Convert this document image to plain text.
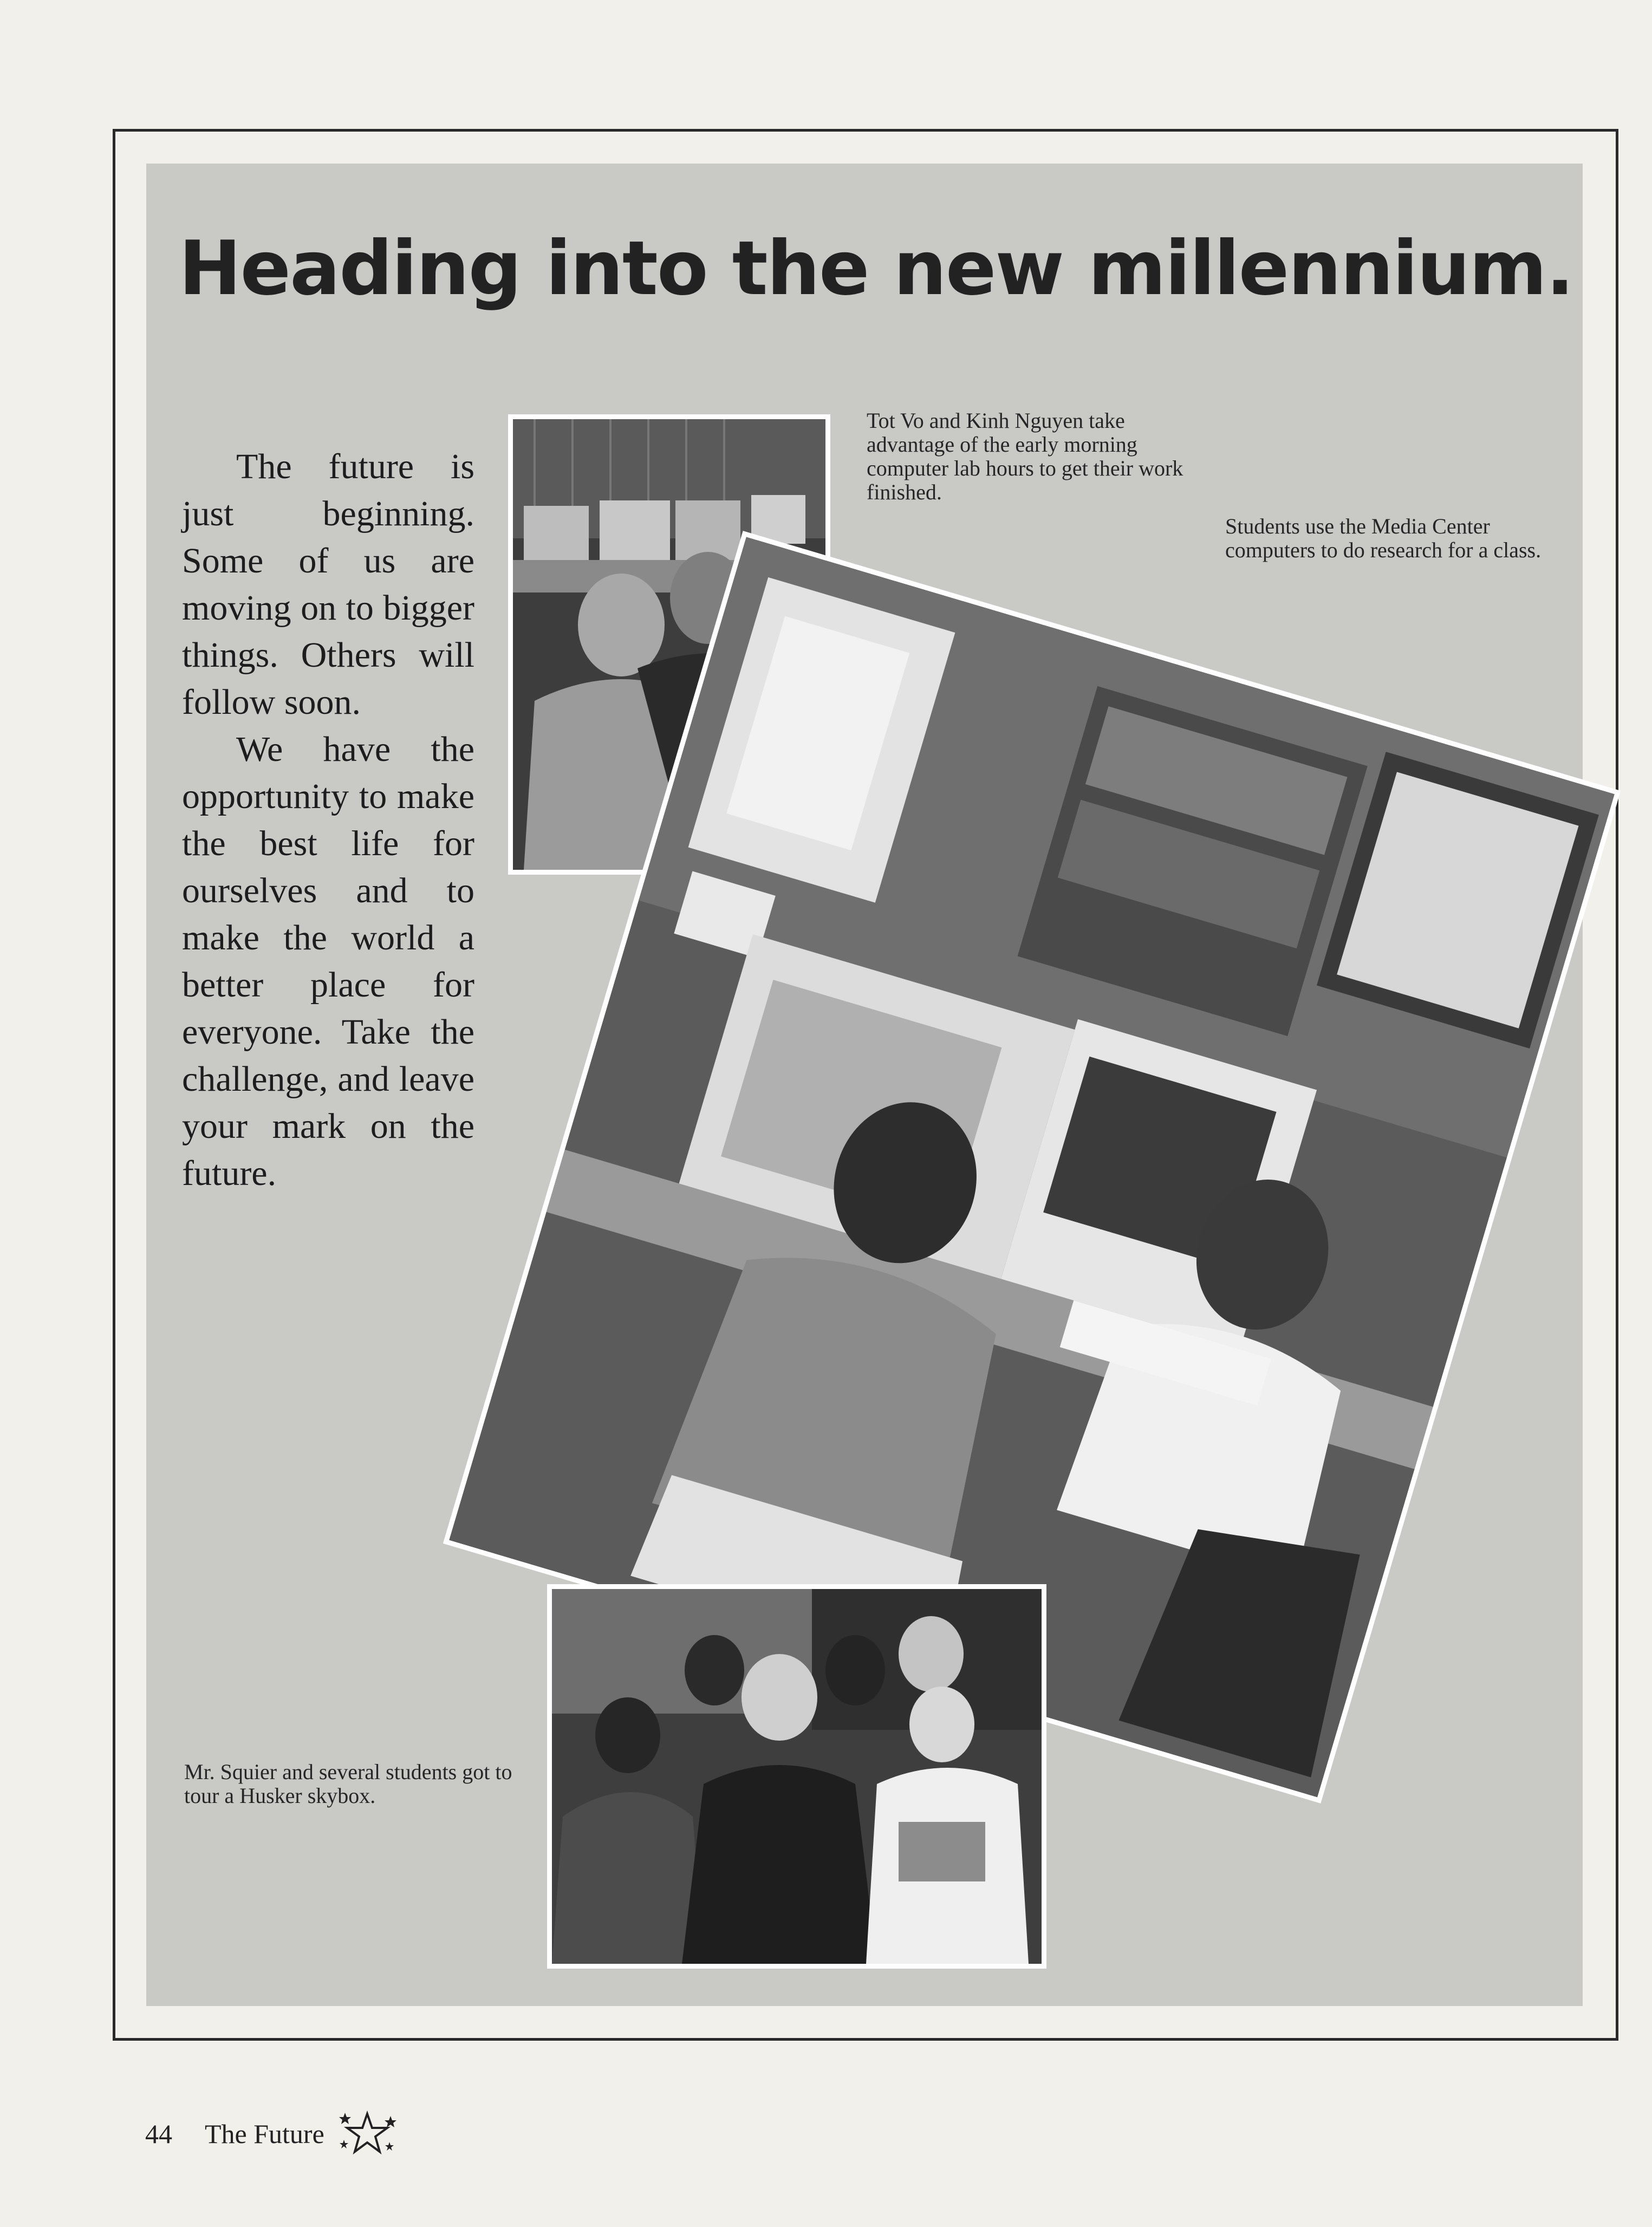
Heading into the new millennium.

The future is just beginning. Some of us are moving on to bigger things. Others will follow soon.

We have the opportunity to make the best life for ourselves and to make the world a better place for everyone. Take the challenge, and leave your mark on the future.

Tot Vo and Kinh Nguyen take advantage of the early morning computer lab hours to get their work finished.
Students use the Media Center computers to do research for a class.
Mr. Squier and several students got to tour a Husker skybox.
44 The Future
